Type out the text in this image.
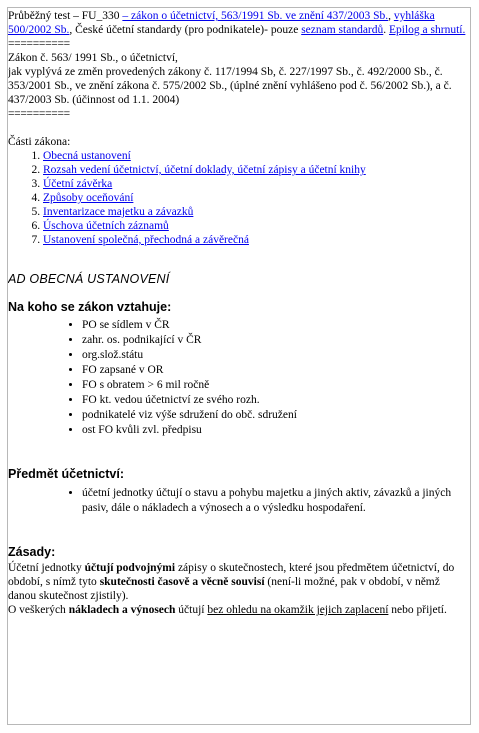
Průběžný test – FU_330 – zákon o účetnictví, 563/1991 Sb. ve znění 437/2003 Sb., vyhláška 500/2002 Sb., České účetní standardy (pro podnikatele)- pouze seznam standardů. Epilog a shrnutí.

==========

Zákon č. 563/ 1991 Sb., o účetnictví,

jak vyplývá ze změn provedených zákony č. 117/1994 Sb, č. 227/1997 Sb., č. 492/2000 Sb., č. 353/2001 Sb., ve znění zákona č. 575/2002 Sb., (úplné znění vyhlášeno pod č. 56/2002 Sb.), a č. 437/2003 Sb. (účinnost od 1.1. 2004)

==========

Části zákona:

1. Obecná ustanovení
2. Rozsah vedení účetnictví, účetní doklady, účetní zápisy a účetní knihy
3. Účetní závěrka
4. Způsoby oceňování
5. Inventarizace majetku a závazků
6. Úschova účetních záznamů
7. Ustanovení společná, přechodná a závěrečná
AD OBECNÁ USTANOVENÍ
Na koho se zákon vztahuje:
• PO se sídlem v ČR
• zahr. os. podnikající v ČR
• org.slož.státu
• FO zapsané v OR
• FO s obratem > 6 mil ročně
• FO kt. vedou účetnictví ze svého rozh.
• podnikatelé viz výše sdružení do obč. sdružení
• ost FO kvůli zvl. předpisu
Předmět účetnictví:
• účetní jednotky účtují o stavu a pohybu majetku a jiných aktiv, závazků a jiných pasiv, dále o nákladech a výnosech a o výsledku hospodaření.
Zásady:

Účetní jednotky účtují podvojnými zápisy o skutečnostech, které jsou předmětem účetnictví, do období, s nímž tyto skutečnosti časově a věcně souvisí (není-li možné, pak v období, v němž danou skutečnost zjistily).

O veškerých nákladech a výnosech účtují bez ohledu na okamžik jejich zaplacení nebo přijetí.
